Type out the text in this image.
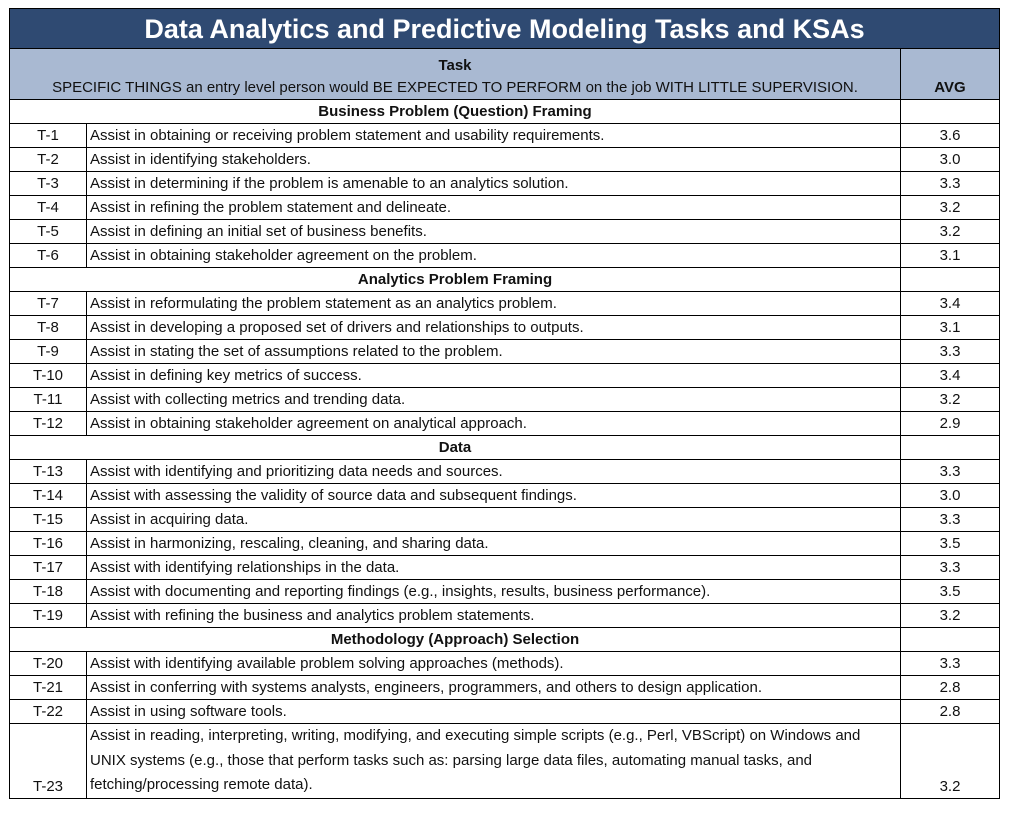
Data Analytics and Predictive Modeling Tasks and KSAs		

Task
SPECIFIC THINGS an entry level person would BE EXPECTED TO PERFORM on the job WITH LITTLE SUPERVISION.		AVG
Business Problem (Question) Framing		
T-1	Assist in obtaining or receiving problem statement and usability requirements.	3.6
T-2	Assist in identifying stakeholders.	3.0
T-3	Assist in determining if the problem is amenable to an analytics solution.	3.3
T-4	Assist in refining the problem statement and delineate.	3.2
T-5	Assist in defining an initial set of business benefits.	3.2
T-6	Assist in obtaining stakeholder agreement on the problem.	3.1
Analytics Problem Framing		
T-7	Assist in reformulating the problem statement as an analytics problem.	3.4
T-8	Assist in developing a proposed set of drivers and relationships to outputs.	3.1
T-9	Assist in stating the set of assumptions related to the problem.	3.3
T-10	Assist in defining key metrics of success.	3.4
T-11	Assist with collecting metrics and trending data.	3.2
T-12	Assist in obtaining stakeholder agreement on analytical approach.	2.9
Data		
T-13	Assist with identifying and prioritizing data needs and sources.	3.3
T-14	Assist with assessing the validity of source data and subsequent findings.	3.0
T-15	Assist in acquiring data.	3.3
T-16	Assist in harmonizing, rescaling, cleaning, and sharing data.	3.5
T-17	Assist with identifying relationships in the data.	3.3
T-18	Assist with documenting and reporting findings (e.g., insights, results, business performance).	3.5
T-19	Assist with refining the business and analytics problem statements.	3.2
Methodology (Approach) Selection		
T-20	Assist with identifying available problem solving approaches (methods).	3.3
T-21	Assist in conferring with systems analysts, engineers, programmers, and others to design application.	2.8
T-22	Assist in using software tools.	2.8
T-23	Assist in reading, interpreting, writing, modifying, and executing simple scripts (e.g., Perl, VBScript) on Windows and UNIX systems (e.g., those that perform tasks such as: parsing large data files, automating manual tasks, and fetching/processing remote data).	3.2
